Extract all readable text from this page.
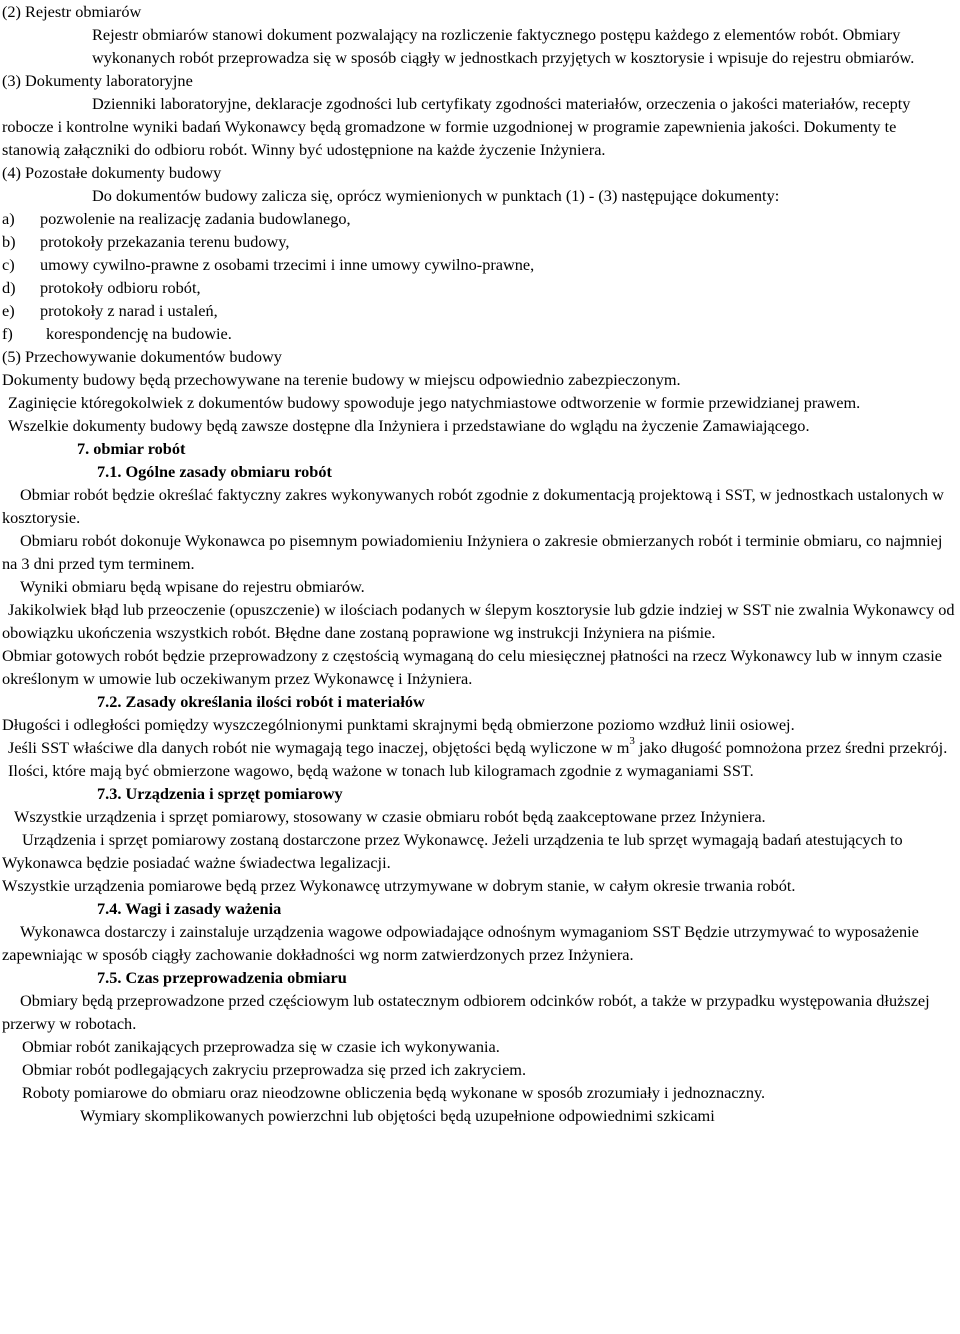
(2) Rejestr obmiarów

Rejestr obmiarów stanowi dokument pozwalający na rozliczenie faktycznego postępu każdego z elementów robót. Obmiary wykonanych robót przeprowadza się w sposób ciągły w jednostkach przyjętych w kosztorysie i wpisuje do rejestru obmiarów.

(3) Dokumenty laboratoryjne

Dzienniki laboratoryjne, deklaracje zgodności lub certyfikaty zgodności materiałów, orzeczenia o jakości materiałów, recepty robocze i kontrolne wyniki badań Wykonawcy będą gromadzone w formie uzgodnionej w programie zapewnienia jakości. Dokumenty te stanowią załączniki do odbioru robót. Winny być udostępnione na każde życzenie Inżyniera.

(4) Pozostałe dokumenty budowy

Do dokumentów budowy zalicza się, oprócz wymienionych w punktach (1) - (3) następujące dokumenty:

a)	pozwolenie na realizację zadania budowlanego,
b)	protokoły przekazania terenu budowy,
c)	umowy cywilno-prawne z osobami trzecimi i inne umowy cywilno-prawne,
d)	protokoły odbioru robót,
e)	protokoły z narad i ustaleń,
f)	korespondencję na budowie.

(5) Przechowywanie dokumentów budowy

Dokumenty budowy będą przechowywane na terenie budowy w miejscu odpowiednio zabezpieczonym.

Zaginięcie któregokolwiek z dokumentów budowy spowoduje jego natychmiastowe odtworzenie w formie przewidzianej prawem.

Wszelkie dokumenty budowy będą zawsze dostępne dla Inżyniera i przedstawiane do wglądu na życzenie Zamawiającego.

7. obmiar robót

7.1. Ogólne zasady obmiaru robót

Obmiar robót będzie określać faktyczny zakres wykonywanych robót zgodnie z dokumentacją projektową i SST, w jednostkach ustalonych w kosztorysie.

Obmiaru robót dokonuje Wykonawca po pisemnym powiadomieniu Inżyniera o zakresie obmierzanych robót i terminie obmiaru, co najmniej na 3 dni przed tym terminem.

Wyniki obmiaru będą wpisane do rejestru obmiarów.

Jakikolwiek błąd lub przeoczenie (opuszczenie) w ilościach podanych w ślepym kosztorysie lub gdzie indziej w SST nie zwalnia Wykonawcy od obowiązku ukończenia wszystkich robót. Błędne dane zostaną poprawione wg instrukcji Inżyniera na piśmie.

Obmiar gotowych robót będzie przeprowadzony z częstością wymaganą do celu miesięcznej płatności na rzecz Wykonawcy lub w innym czasie określonym w umowie lub oczekiwanym przez Wykonawcę i Inżyniera.

7.2. Zasady określania ilości robót i materiałów

Długości i odległości pomiędzy wyszczególnionymi punktami skrajnymi będą obmierzone poziomo wzdłuż linii osiowej.

Jeśli SST właściwe dla danych robót nie wymagają tego inaczej, objętości będą wyliczone w $m^3$ jako długość pomnożona przez średni przekrój.

Ilości, które mają być obmierzone wagowo, będą ważone w tonach lub kilogramach zgodnie z wymaganiami SST.

7.3. Urządzenia i sprzęt pomiarowy

Wszystkie urządzenia i sprzęt pomiarowy, stosowany w czasie obmiaru robót będą zaakceptowane przez Inżyniera.

Urządzenia i sprzęt pomiarowy zostaną dostarczone przez Wykonawcę. Jeżeli urządzenia te lub sprzęt wymagają badań atestujących to Wykonawca będzie posiadać ważne świadectwa legalizacji.

Wszystkie urządzenia pomiarowe będą przez Wykonawcę utrzymywane w dobrym stanie, w całym okresie trwania robót.

7.4. Wagi i zasady ważenia

Wykonawca dostarczy i zainstaluje urządzenia wagowe odpowiadające odnośnym wymaganiom SST Będzie utrzymywać to wyposażenie zapewniając w sposób ciągły zachowanie dokładności wg norm zatwierdzonych przez Inżyniera.

7.5. Czas przeprowadzenia obmiaru

Obmiary będą przeprowadzone przed częściowym lub ostatecznym odbiorem odcinków robót, a także w przypadku występowania dłuższej przerwy w robotach.

Obmiar robót zanikających przeprowadza się w czasie ich wykonywania.

Obmiar robót podlegających zakryciu przeprowadza się przed ich zakryciem.

Roboty pomiarowe do obmiaru oraz nieodzowne obliczenia będą wykonane w sposób zrozumiały i jednoznaczny.

Wymiary skomplikowanych powierzchni lub objętości będą uzupełnione odpowiednimi szkicami
